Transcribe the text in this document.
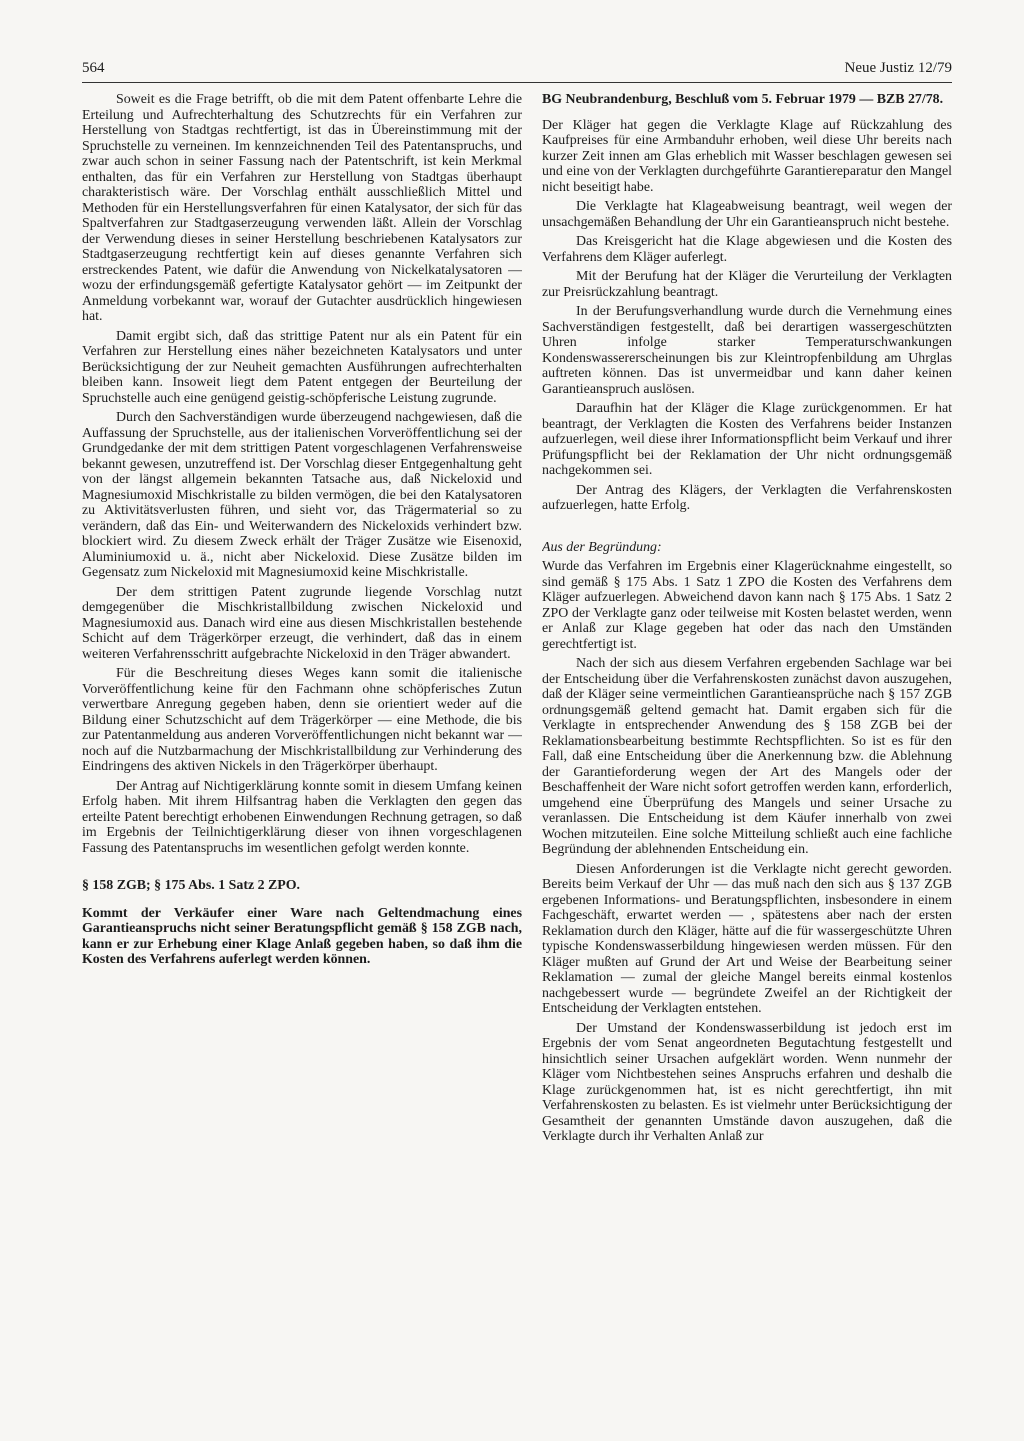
564	Neue Justiz 12/79

Soweit es die Frage betrifft, ob die mit dem Patent offenbarte Lehre die Erteilung und Aufrechterhaltung des Schutzrechts für ein Verfahren zur Herstellung von Stadtgas rechtfertigt, ist das in Übereinstimmung mit der Spruchstelle zu verneinen. Im kennzeichnenden Teil des Patentanspruchs, und zwar auch schon in seiner Fassung nach der Patentschrift, ist kein Merkmal enthalten, das für ein Verfahren zur Herstellung von Stadtgas überhaupt charakteristisch wäre. Der Vorschlag enthält ausschließlich Mittel und Methoden für ein Herstellungsverfahren für einen Katalysator, der sich für das Spaltverfahren zur Stadtgaserzeugung verwenden läßt. Allein der Vorschlag der Verwendung dieses in seiner Herstellung beschriebenen Katalysators zur Stadtgaserzeugung rechtfertigt kein auf dieses genannte Verfahren sich erstreckendes Patent, wie dafür die Anwendung von Nickelkatalysatoren — wozu der erfindungsgemäß gefertigte Katalysator gehört — im Zeitpunkt der Anmeldung vorbekannt war, worauf der Gutachter ausdrücklich hingewiesen hat.

Damit ergibt sich, daß das strittige Patent nur als ein Patent für ein Verfahren zur Herstellung eines näher bezeichneten Katalysators und unter Berücksichtigung der zur Neuheit gemachten Ausführungen aufrechterhalten bleiben kann. Insoweit liegt dem Patent entgegen der Beurteilung der Spruchstelle auch eine genügend geistig-schöpferische Leistung zugrunde.

Durch den Sachverständigen wurde überzeugend nachgewiesen, daß die Auffassung der Spruchstelle, aus der italienischen Vorveröffentlichung sei der Grundgedanke der mit dem strittigen Patent vorgeschlagenen Verfahrensweise bekannt gewesen, unzutreffend ist. Der Vorschlag dieser Entgegenhaltung geht von der längst allgemein bekannten Tatsache aus, daß Nickeloxid und Magnesiumoxid Mischkristalle zu bilden vermögen, die bei den Katalysatoren zu Aktivitätsverlusten führen, und sieht vor, das Trägermaterial so zu verändern, daß das Ein- und Weiterwandern des Nickeloxids verhindert bzw. blockiert wird. Zu diesem Zweck erhält der Träger Zusätze wie Eisenoxid, Aluminiumoxid u. ä., nicht aber Nickeloxid. Diese Zusätze bilden im Gegensatz zum Nickeloxid mit Magnesiumoxid keine Mischkristalle.

Der dem strittigen Patent zugrunde liegende Vorschlag nutzt demgegenüber die Mischkristallbildung zwischen Nickeloxid und Magnesiumoxid aus. Danach wird eine aus diesen Mischkristallen bestehende Schicht auf dem Trägerkörper erzeugt, die verhindert, daß das in einem weiteren Verfahrensschritt aufgebrachte Nickeloxid in den Träger abwandert.

Für die Beschreitung dieses Weges kann somit die italienische Vorveröffentlichung keine für den Fachmann ohne schöpferisches Zutun verwertbare Anregung gegeben haben, denn sie orientiert weder auf die Bildung einer Schutzschicht auf dem Trägerkörper — eine Methode, die bis zur Patentanmeldung aus anderen Vorveröffentlichungen nicht bekannt war — noch auf die Nutzbarmachung der Mischkristallbildung zur Verhinderung des Eindringens des aktiven Nickels in den Trägerkörper überhaupt.

Der Antrag auf Nichtigerklärung konnte somit in diesem Umfang keinen Erfolg haben. Mit ihrem Hilfsantrag haben die Verklagten den gegen das erteilte Patent berechtigt erhobenen Einwendungen Rechnung getragen, so daß im Ergebnis der Teilnichtigerklärung dieser von ihnen vorgeschlagenen Fassung des Patentanspruchs im wesentlichen gefolgt werden konnte.

§ 158 ZGB; § 175 Abs. 1 Satz 2 ZPO.

Kommt der Verkäufer einer Ware nach Geltendmachung eines Garantieanspruchs nicht seiner Beratungspflicht gemäß § 158 ZGB nach, kann er zur Erhebung einer Klage Anlaß gegeben haben, so daß ihm die Kosten des Verfahrens auferlegt werden können.

BG Neubrandenburg, Beschluß vom 5. Februar 1979 — BZB 27/78.

Der Kläger hat gegen die Verklagte Klage auf Rückzahlung des Kaufpreises für eine Armbanduhr erhoben, weil diese Uhr bereits nach kurzer Zeit innen am Glas erheblich mit Wasser beschlagen gewesen sei und eine von der Verklagten durchgeführte Garantiereparatur den Mangel nicht beseitigt habe.

Die Verklagte hat Klageabweisung beantragt, weil wegen der unsachgemäßen Behandlung der Uhr ein Garantieanspruch nicht bestehe.

Das Kreisgericht hat die Klage abgewiesen und die Kosten des Verfahrens dem Kläger auferlegt.

Mit der Berufung hat der Kläger die Verurteilung der Verklagten zur Preisrückzahlung beantragt.

In der Berufungsverhandlung wurde durch die Vernehmung eines Sachverständigen festgestellt, daß bei derartigen wassergeschützten Uhren infolge starker Temperaturschwankungen Kondenswassererscheinungen bis zur Kleintropfenbildung am Uhrglas auftreten können. Das ist unvermeidbar und kann daher keinen Garantieanspruch auslösen.

Daraufhin hat der Kläger die Klage zurückgenommen. Er hat beantragt, der Verklagten die Kosten des Verfahrens beider Instanzen aufzuerlegen, weil diese ihrer Informationspflicht beim Verkauf und ihrer Prüfungspflicht bei der Reklamation der Uhr nicht ordnungsgemäß nachgekommen sei.

Der Antrag des Klägers, der Verklagten die Verfahrenskosten aufzuerlegen, hatte Erfolg.

Aus der Begründung:

Wurde das Verfahren im Ergebnis einer Klagerücknahme eingestellt, so sind gemäß § 175 Abs. 1 Satz 1 ZPO die Kosten des Verfahrens dem Kläger aufzuerlegen. Abweichend davon kann nach § 175 Abs. 1 Satz 2 ZPO der Verklagte ganz oder teilweise mit Kosten belastet werden, wenn er Anlaß zur Klage gegeben hat oder das nach den Umständen gerechtfertigt ist.

Nach der sich aus diesem Verfahren ergebenden Sachlage war bei der Entscheidung über die Verfahrenskosten zunächst davon auszugehen, daß der Kläger seine vermeintlichen Garantieansprüche nach § 157 ZGB ordnungsgemäß geltend gemacht hat. Damit ergaben sich für die Verklagte in entsprechender Anwendung des § 158 ZGB bei der Reklamationsbearbeitung bestimmte Rechtspflichten. So ist es für den Fall, daß eine Entscheidung über die Anerkennung bzw. die Ablehnung der Garantieforderung wegen der Art des Mangels oder der Beschaffenheit der Ware nicht sofort getroffen werden kann, erforderlich, umgehend eine Überprüfung des Mangels und seiner Ursache zu veranlassen. Die Entscheidung ist dem Käufer innerhalb von zwei Wochen mitzuteilen. Eine solche Mitteilung schließt auch eine fachliche Begründung der ablehnenden Entscheidung ein.

Diesen Anforderungen ist die Verklagte nicht gerecht geworden. Bereits beim Verkauf der Uhr — das muß nach den sich aus § 137 ZGB ergebenen Informations- und Beratungspflichten, insbesondere in einem Fachgeschäft, erwartet werden — , spätestens aber nach der ersten Reklamation durch den Kläger, hätte auf die für wassergeschützte Uhren typische Kondenswasserbildung hingewiesen werden müssen. Für den Kläger mußten auf Grund der Art und Weise der Bearbeitung seiner Reklamation — zumal der gleiche Mangel bereits einmal kostenlos nachgebessert wurde — begründete Zweifel an der Richtigkeit der Entscheidung der Verklagten entstehen.

Der Umstand der Kondenswasserbildung ist jedoch erst im Ergebnis der vom Senat angeordneten Begutachtung festgestellt und hinsichtlich seiner Ursachen aufgeklärt worden. Wenn nunmehr der Kläger vom Nichtbestehen seines Anspruchs erfahren und deshalb die Klage zurückgenommen hat, ist es nicht gerechtfertigt, ihn mit Verfahrenskosten zu belasten. Es ist vielmehr unter Berücksichtigung der Gesamtheit der genannten Umstände davon auszugehen, daß die Verklagte durch ihr Verhalten Anlaß zur
